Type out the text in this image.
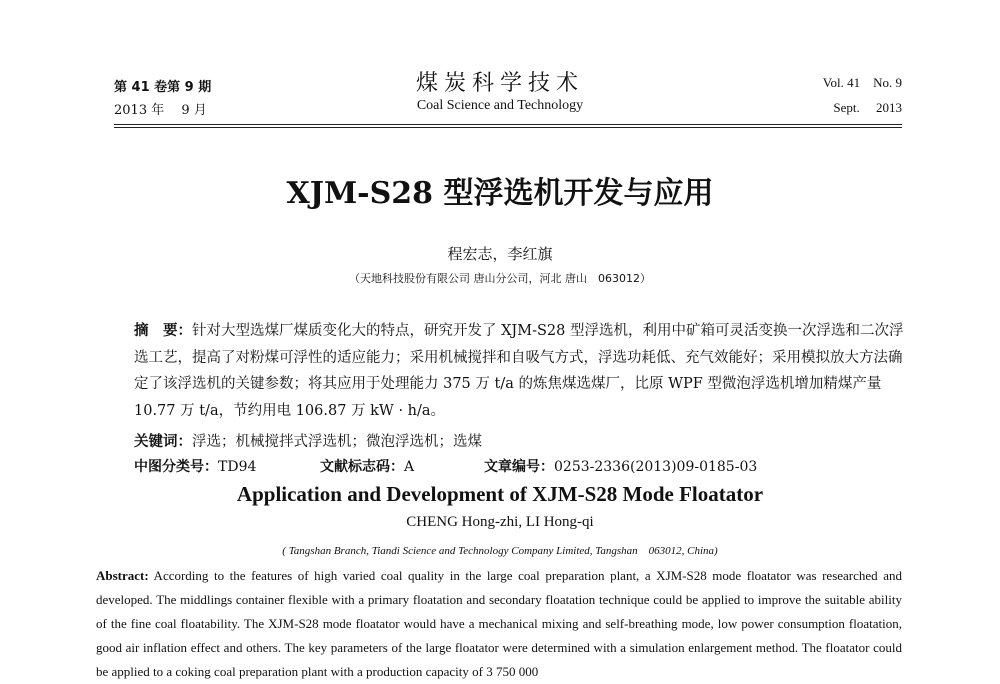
第 41 卷第 9 期
2013 年　 9 月
煤炭科学技术
Coal Science and Technology
Vol. 41　No. 9
Sept.　 2013
XJM-S28 型浮选机开发与应用
程宏志，李红旗
（天地科技股份有限公司 唐山分公司，河北 唐山　063012）
摘　要：针对大型选煤厂煤质变化大的特点，研究开发了 XJM-S28 型浮选机，利用中矿箱可灵活变换一次浮选和二次浮选工艺，提高了对粉煤可浮性的适应能力；采用机械搅拌和自吸气方式，浮选功耗低、充气效能好；采用模拟放大方法确定了该浮选机的关键参数；将其应用于处理能力 375 万 t/a 的炼焦煤选煤厂，比原 WPF 型微泡浮选机增加精煤产量 10.77 万 t/a，节约用电 106.87 万 kW · h/a。
关键词：浮选；机械搅拌式浮选机；微泡浮选机；选煤
中图分类号：TD94	文献标志码：A	文章编号：0253-2336(2013)09-0185-03
Application and Development of XJM-S28 Mode Floatator
CHENG Hong-zhi, LI Hong-qi
( Tangshan Branch, Tiandi Science and Technology Company Limited, Tangshan　063012, China)
Abstract: According to the features of high varied coal quality in the large coal preparation plant, a XJM-S28 mode floatator was researched and developed. The middlings container flexible with a primary floatation and secondary floatation technique could be applied to improve the suitable ability of the fine coal floatability. The XJM-S28 mode floatator would have a mechanical mixing and self-breathing mode, low power consumption floatation, good air inflation effect and others. The key parameters of the large floatator were determined with a simulation enlargement method. The floatator could be applied to a coking coal preparation plant with a production capacity of 3 750 000
